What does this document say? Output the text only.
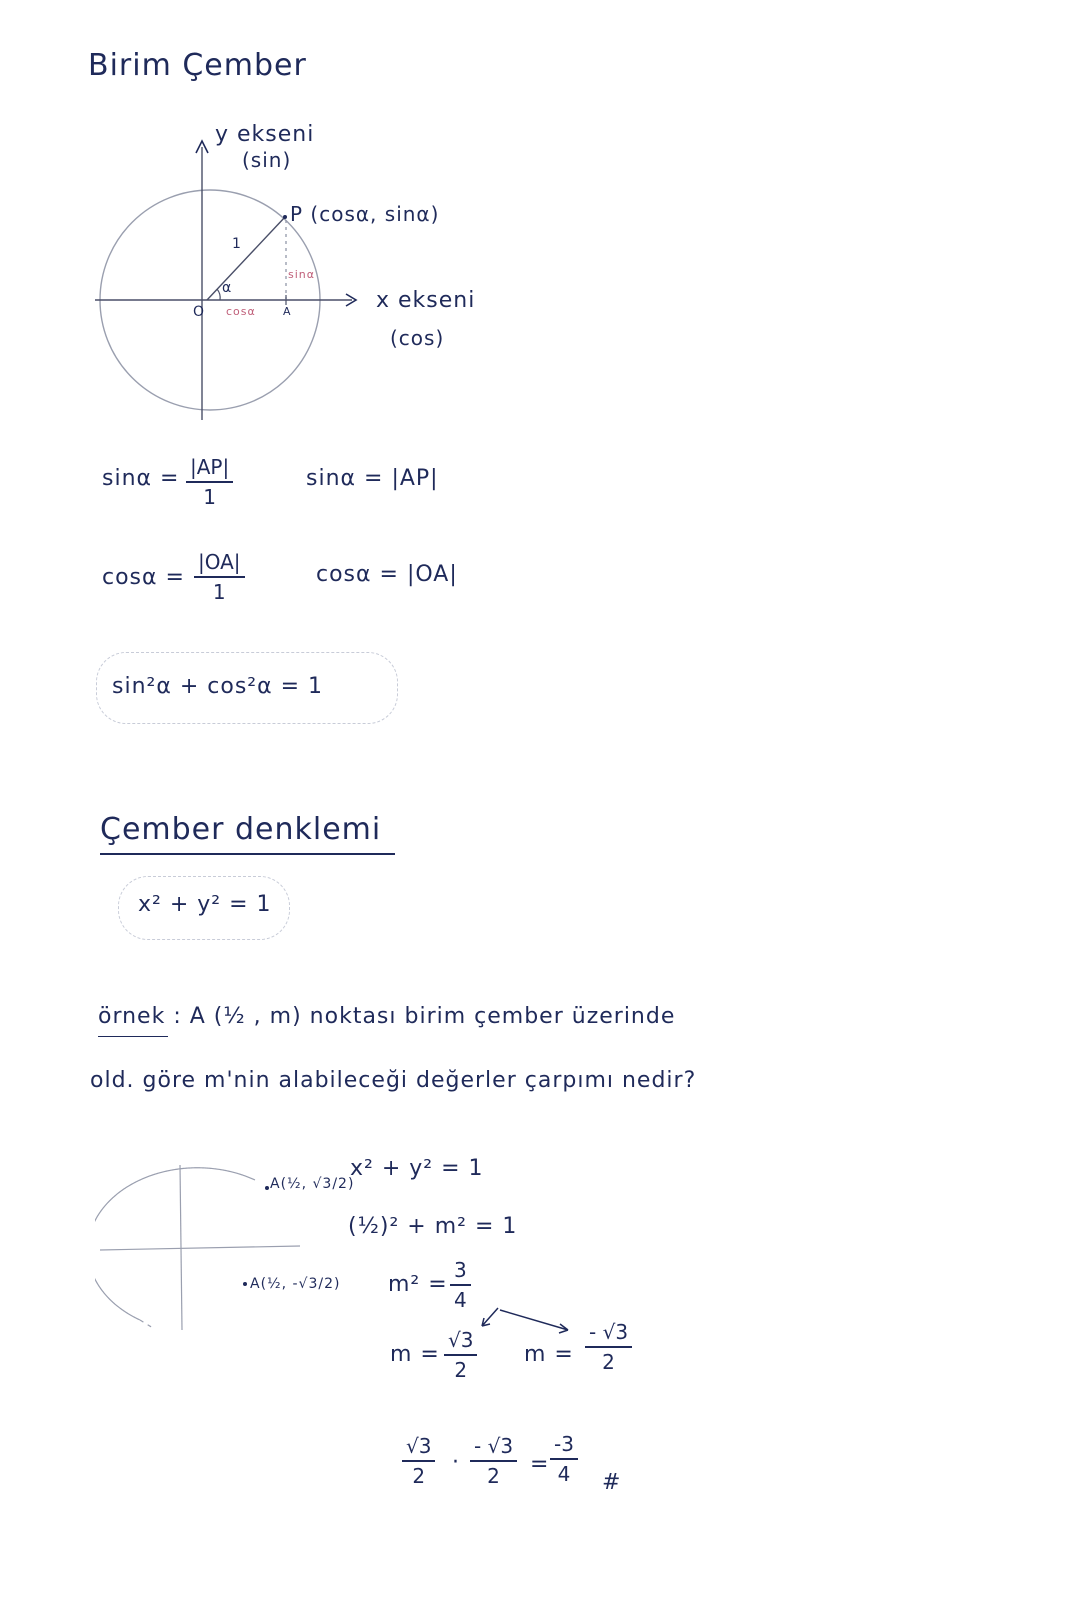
Birim Çember
y ekseni
(sin)
P (cosα, sinα)
x ekseni
(cos)
1
α
O cosα A
sinα
$\sin\alpha = \frac{|AP|}{1}$	sinα = |AP|
$\cos\alpha = \frac{|OA|}{1}$	cosα = |OA|
sin²α + cos²α = 1
Çember denklemi
x² + y² = 1
örnek : A (½ , m) noktası birim çember üzerinde
old. göre m'nin alabileceği değerler çarpımı nedir?
A(½, √3/2)
A(½, -√3/2)
x² + y² = 1
(½)² + m² = 1
$m^2 = \frac{3}{4}$
$m = \frac{√3}{2}$ $m = \frac{- √3}{2}$
$\frac{√3}{2} \cdot \frac{- √3}{2} = \frac{-3}{4}$ #
